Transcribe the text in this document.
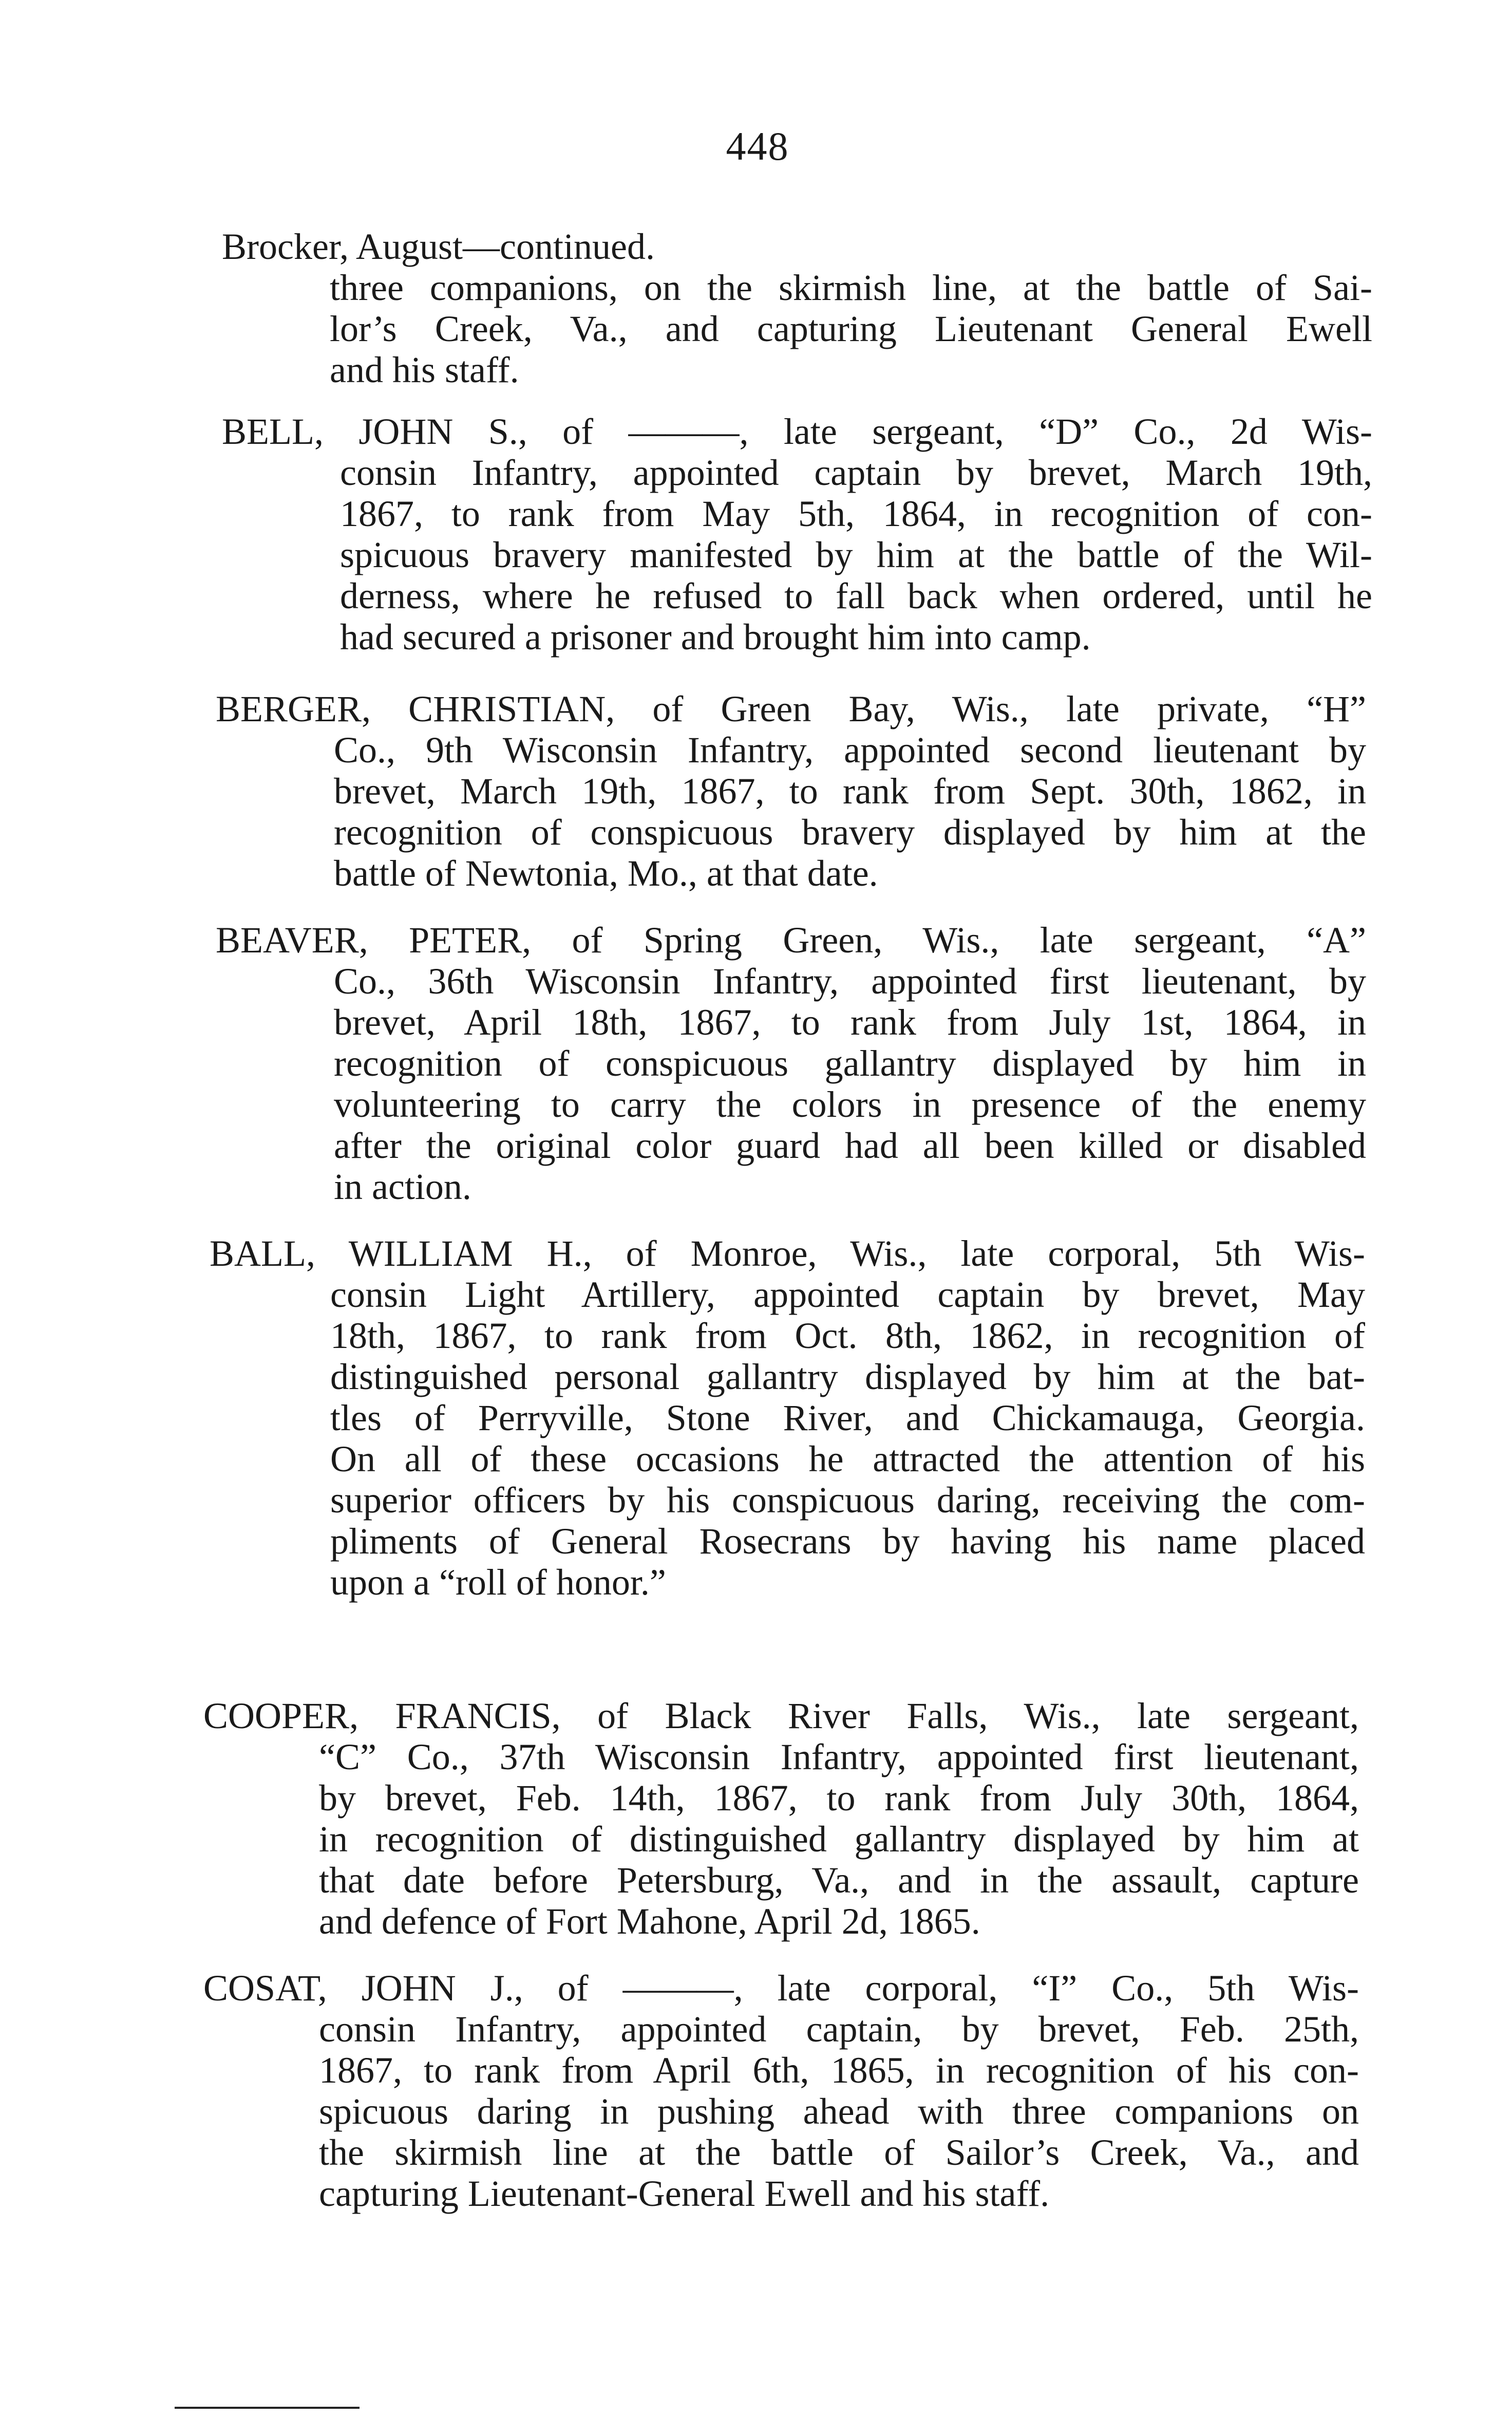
448
Brocker, August—continued.
three companions, on the skirmish line, at the battle of Sai-
lor’s Creek, Va., and capturing Lieutenant General Ewell
and his staff.
BELL, JOHN S., of ———, late sergeant, “D” Co., 2d Wis-
consin Infantry, appointed captain by brevet, March 19th,
1867, to rank from May 5th, 1864, in recognition of con-
spicuous bravery manifested by him at the battle of the Wil-
derness, where he refused to fall back when ordered, until he
had secured a prisoner and brought him into camp.
BERGER, CHRISTIAN, of Green Bay, Wis., late private, “H”
Co., 9th Wisconsin Infantry, appointed second lieutenant by
brevet, March 19th, 1867, to rank from Sept. 30th, 1862, in
recognition of conspicuous bravery displayed by him at the
battle of Newtonia, Mo., at that date.
BEAVER, PETER, of Spring Green, Wis., late sergeant, “A”
Co., 36th Wisconsin Infantry, appointed first lieutenant, by
brevet, April 18th, 1867, to rank from July 1st, 1864, in
recognition of conspicuous gallantry displayed by him in
volunteering to carry the colors in presence of the enemy
after the original color guard had all been killed or disabled
in action.
BALL, WILLIAM H., of Monroe, Wis., late corporal, 5th Wis-
consin Light Artillery, appointed captain by brevet, May
18th, 1867, to rank from Oct. 8th, 1862, in recognition of
distinguished personal gallantry displayed by him at the bat-
tles of Perryville, Stone River, and Chickamauga, Georgia.
On all of these occasions he attracted the attention of his
superior officers by his conspicuous daring, receiving the com-
pliments of General Rosecrans by having his name placed
upon a “roll of honor.”
COOPER, FRANCIS, of Black River Falls, Wis., late sergeant,
“C” Co., 37th Wisconsin Infantry, appointed first lieutenant,
by brevet, Feb. 14th, 1867, to rank from July 30th, 1864,
in recognition of distinguished gallantry displayed by him at
that date before Petersburg, Va., and in the assault, capture
and defence of Fort Mahone, April 2d, 1865.
COSAT, JOHN J., of ———, late corporal, “I” Co., 5th Wis-
consin Infantry, appointed captain, by brevet, Feb. 25th,
1867, to rank from April 6th, 1865, in recognition of his con-
spicuous daring in pushing ahead with three companions on
the skirmish line at the battle of Sailor’s Creek, Va., and
capturing Lieutenant-General Ewell and his staff.
